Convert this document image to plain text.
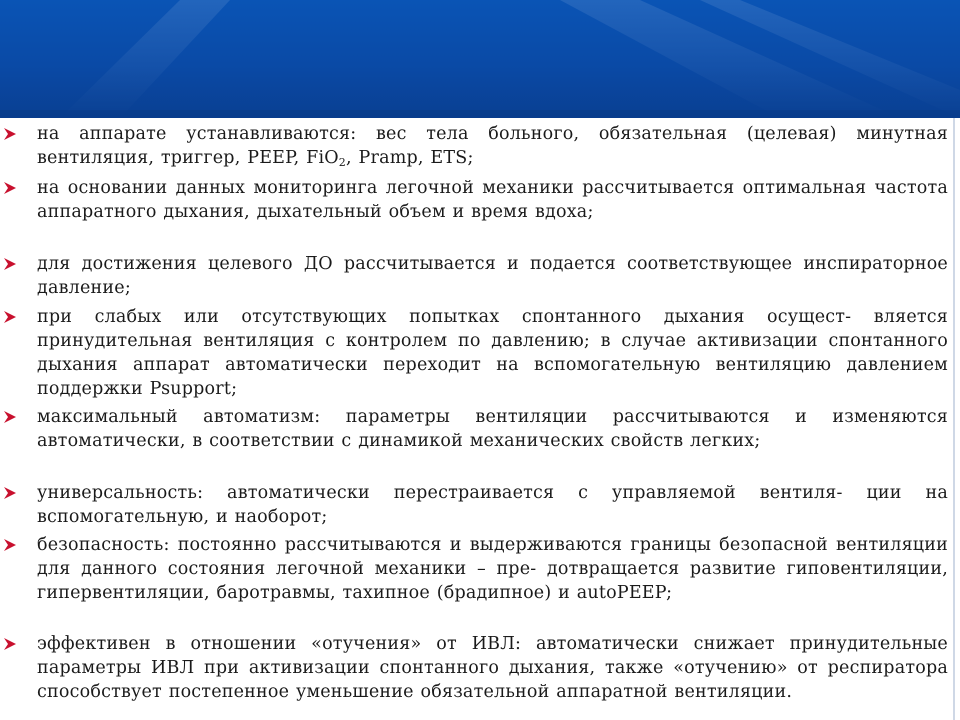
на аппарате устанавливаются: вес тела больного, обязательная (целевая) минутная вентиляция, триггер, PEEP, FiO$_2$, Pramp, ETS;
на основании данных мониторинга легочной механики рассчитывается оптимальная частота аппаратного дыхания, дыхательный объем и время вдоха;
для достижения целевого ДО рассчитывается и подается соответствующее инспираторное давление;
при слабых или отсутствующих попытках спонтанного дыхания осущест- вляется принудительная вентиляция с контролем по давлению; в случае активизации спонтанного дыхания аппарат автоматически переходит на вспомогательную вентиляцию давлением поддержки Psupport;
максимальный автоматизм: параметры вентиляции рассчитываются и изменяются автоматически, в соответствии с динамикой механических свойств легких;
универсальность: автоматически перестраивается с управляемой вентиля- ции на вспомогательную, и наоборот;
безопасность: постоянно рассчитываются и выдерживаются границы безопасной вентиляции для данного состояния легочной механики – пре- дотвращается развитие гиповентиляции, гипервентиляции, баротравмы, тахипное (брадипное) и autoPEEP;
эффективен в отношении «отучения» от ИВЛ: автоматически снижает принудительные параметры ИВЛ при активизации спонтанного дыхания, также «отучению» от респиратора способствует постепенное уменьшение обязательной аппаратной вентиляции.
